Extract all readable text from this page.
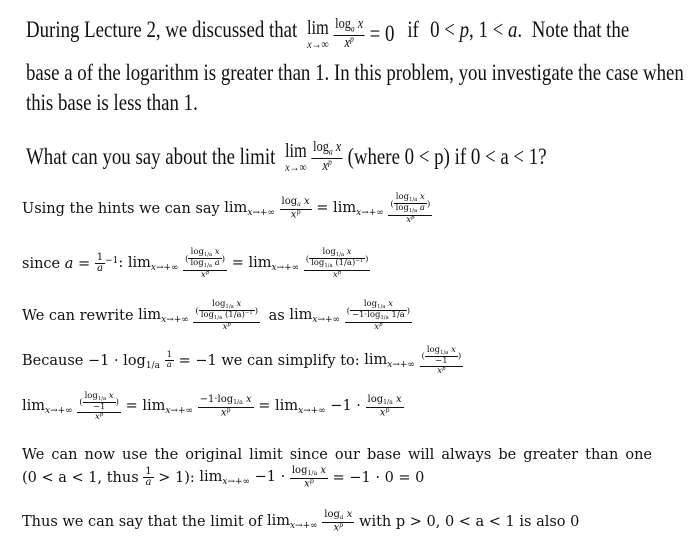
During Lecture 2, we discussed that lim
x→∞
$\frac{\log_a x}{x^p} = 0$ if 0 < p, 1 < a. Note that the
base a of the logarithm is greater than 1. In this problem, you investigate the case when
this base is less than 1.
What can you say about the limit lim
x→∞
$\frac{\log_a x}{x^p}$ (where 0 < p) if 0 < a < 1?
Using the hints we can say $\lim_{x\to+\infty} \frac{\log_a x}{x^p} = \lim_{x\to+\infty} \frac{( \frac{\log_{1/a} x}{\log_{1/a} a} )}{x^p}$
since $a = \frac{1}{a} ^{-1}$: $\lim_{x\to+\infty} \frac{( \frac{\log_{1/a} x}{\log_{1/a} a} )}{x^p} = \lim_{x\to+\infty} \frac{( \frac{\log_{1/a} x}{\log_{1/a} (1/a)^{-1}} )}{x^p}$
We can rewrite $\lim_{x\to+\infty} \frac{( \frac{\log_{1/a} x}{\log_{1/a} (1/a)^{-1}} )}{x^p}$ as $\lim_{x\to+\infty} \frac{( \frac{\log_{1/a} x}{-1\cdot\log_{1/a} 1/a} )}{x^p}$
Because $-1 \cdot \log_{1/a} \frac{1}{a} = -1$ we can simplify to: $\lim_{x\to+\infty} \frac{( \frac{\log_{1/a} x}{-1} )}{x^p}$
$\lim_{x\to+\infty} \frac{( \frac{\log_{1/a} x}{-1} )}{x^p} = \lim_{x\to+\infty} \frac{-1\cdot\log_{1/a} x}{x^p} = \lim_{x\to+\infty} -1 \cdot \frac{\log_{1/a} x}{x^p}$
We can now use the original limit since our base will always be greater than one
(0 < a < 1, thus $\frac{1}{a} > 1$): $\lim_{x\to+\infty} -1 \cdot \frac{\log_{1/a} x}{x^p} = -1 \cdot 0 = 0$
Thus we can say that the limit of $\lim_{x\to+\infty} \frac{\log_a x}{x^p}$ with p > 0, 0 < a < 1 is also 0
